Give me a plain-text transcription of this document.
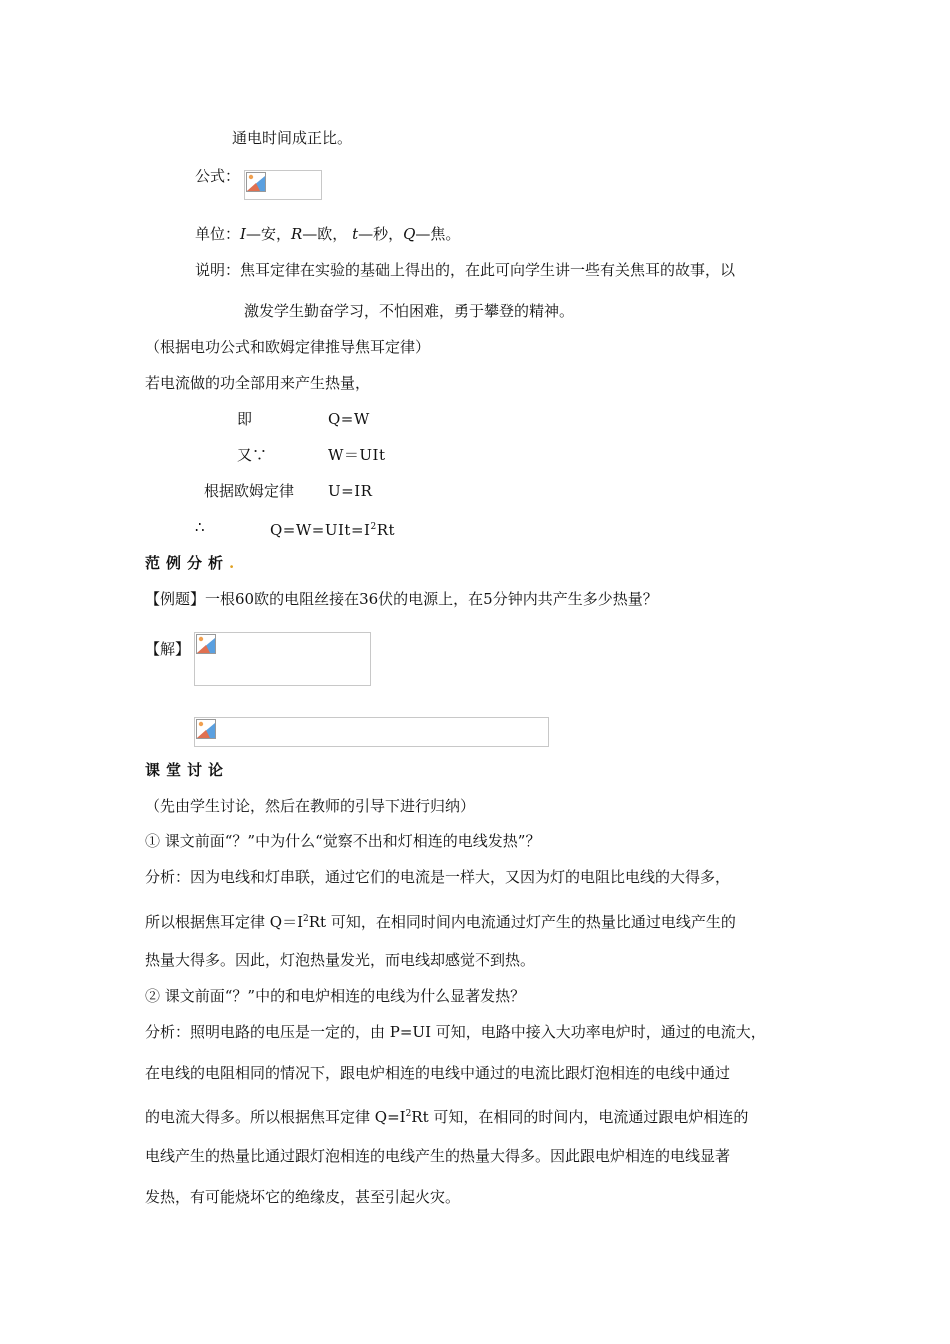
通电时间成正比。
公式：
单位：I—安，R—欧， t—秒，Q—焦。
说明：焦耳定律在实验的基础上得出的，在此可向学生讲一些有关焦耳的故事，以
激发学生勤奋学习，不怕困难，勇于攀登的精神。
（根据电功公式和欧姆定律推导焦耳定律）
若电流做的功全部用来产生热量，
即	Q=W
又∵	W＝UIt
根据欧姆定律 U=IR
∴	$Q=W=UIt=I^2Rt$
范例分析.
【例题】一根60欧的电阻丝接在36伏的电源上，在5分钟内共产生多少热量？
【解】
课堂讨论
（先由学生讨论，然后在教师的引导下进行归纳）
① 课文前面“？”中为什么“觉察不出和灯相连的电线发热”？
分析：因为电线和灯串联，通过它们的电流是一样大，又因为灯的电阻比电线的大得多，
所以根据焦耳定律 $Q=I^2Rt$ 可知，在相同时间内电流通过灯产生的热量比通过电线产生的
热量大得多。因此，灯泡热量发光，而电线却感觉不到热。
② 课文前面“？”中的和电炉相连的电线为什么显著发热？
分析：照明电路的电压是一定的，由 P=UI 可知，电路中接入大功率电炉时，通过的电流大，
在电线的电阻相同的情况下，跟电炉相连的电线中通过的电流比跟灯泡相连的电线中通过
的电流大得多。所以根据焦耳定律 $Q=I^2Rt$ 可知，在相同的时间内，电流通过跟电炉相连的
电线产生的热量比通过跟灯泡相连的电线产生的热量大得多。因此跟电炉相连的电线显著
发热，有可能烧坏它的绝缘皮，甚至引起火灾。
